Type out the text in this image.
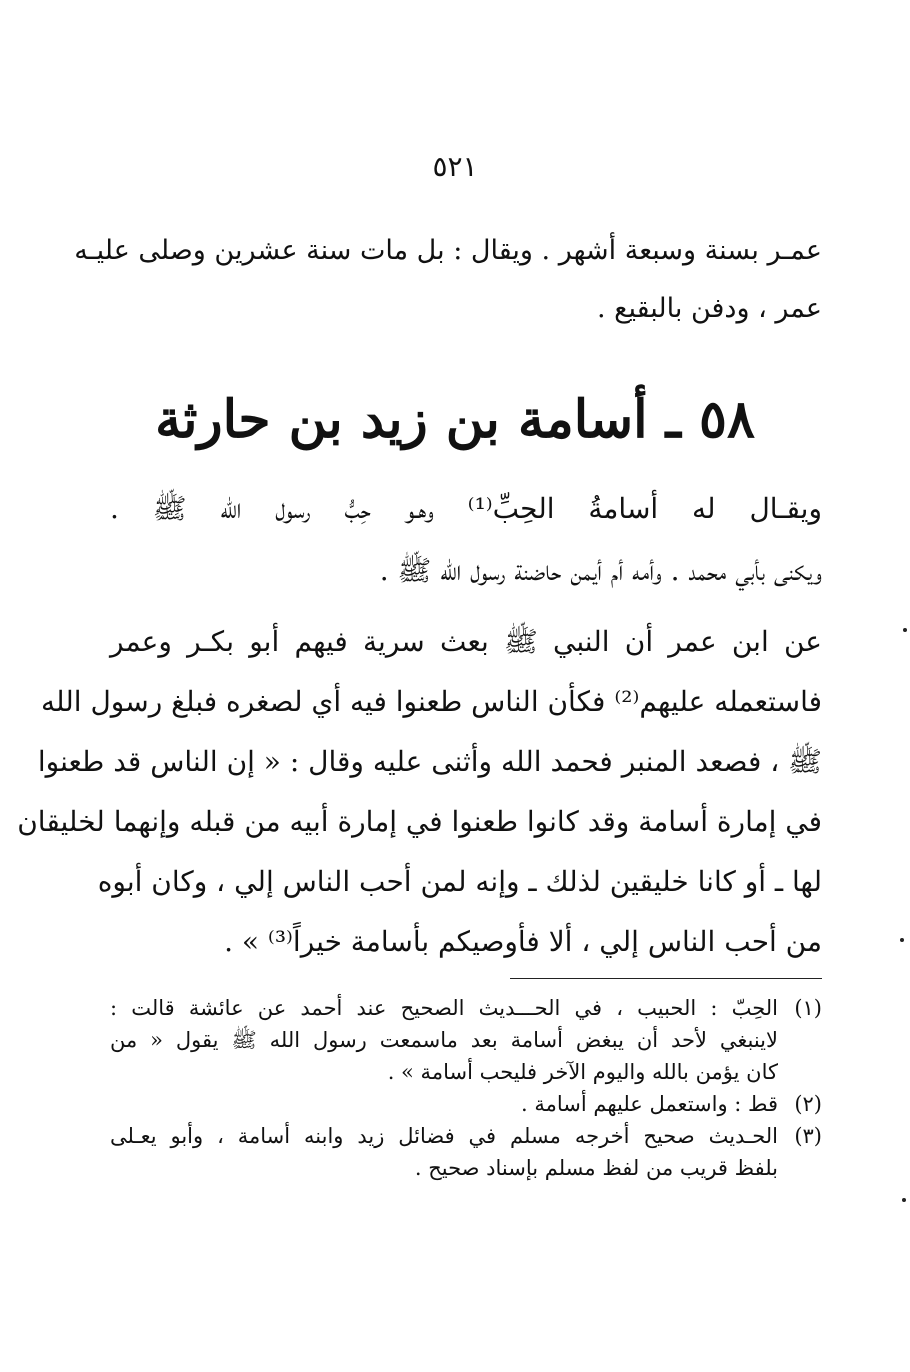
٥٢١
عمـر بسنة وسبعة أشهر . ويقال : بل مات سنة عشرين وصلى عليـه
عمر ، ودفن بالبقيع .
٥٨ ـ أسامة بن زيد بن حارثة
ويقـال له أسامةُ الحِبِّ⁽¹⁾ وهـو حِبُّ رسول الله ﷺ .
ويكنى بأبي محمد . وأمه أم أيمن حاضنة رسول الله ﷺ .
عن ابن عمر أن النبي ﷺ بعث سرية فيهم أبو بكـر وعمر
فاستعمله عليهم⁽²⁾ فكأن الناس طعنوا فيه أي لصغره فبلغ رسول الله
ﷺ ، فصعد المنبر فحمد الله وأثنى عليه وقال : « إن الناس قد طعنوا
في إمارة أسامة وقد كانوا طعنوا في إمارة أبيه من قبله وإنهما لخليقان
لها ـ أو كانا خليقين لذلك ـ وإنه لمن أحب الناس إلي ، وكان أبوه
من أحب الناس إلي ، ألا فأوصيكم بأسامة خيراً⁽³⁾ » .
(١)
الحِبّ : الحبيب ، في الحـــديث الصحيح عند أحمد عن عائشة قالت :
لاينبغي لأحد أن يبغض أسامة بعد ماسمعت رسول الله ﷺ يقول « من
كان يؤمن بالله واليوم الآخر فليحب أسامة » .
(٢)
قط : واستعمل عليهم أسامة .
(٣)
الحـديث صحيح أخرجه مسلم في فضائل زيد وابنه أسامة ، وأبو يعـلى
بلفظ قريب من لفظ مسلم بإسناد صحيح .
